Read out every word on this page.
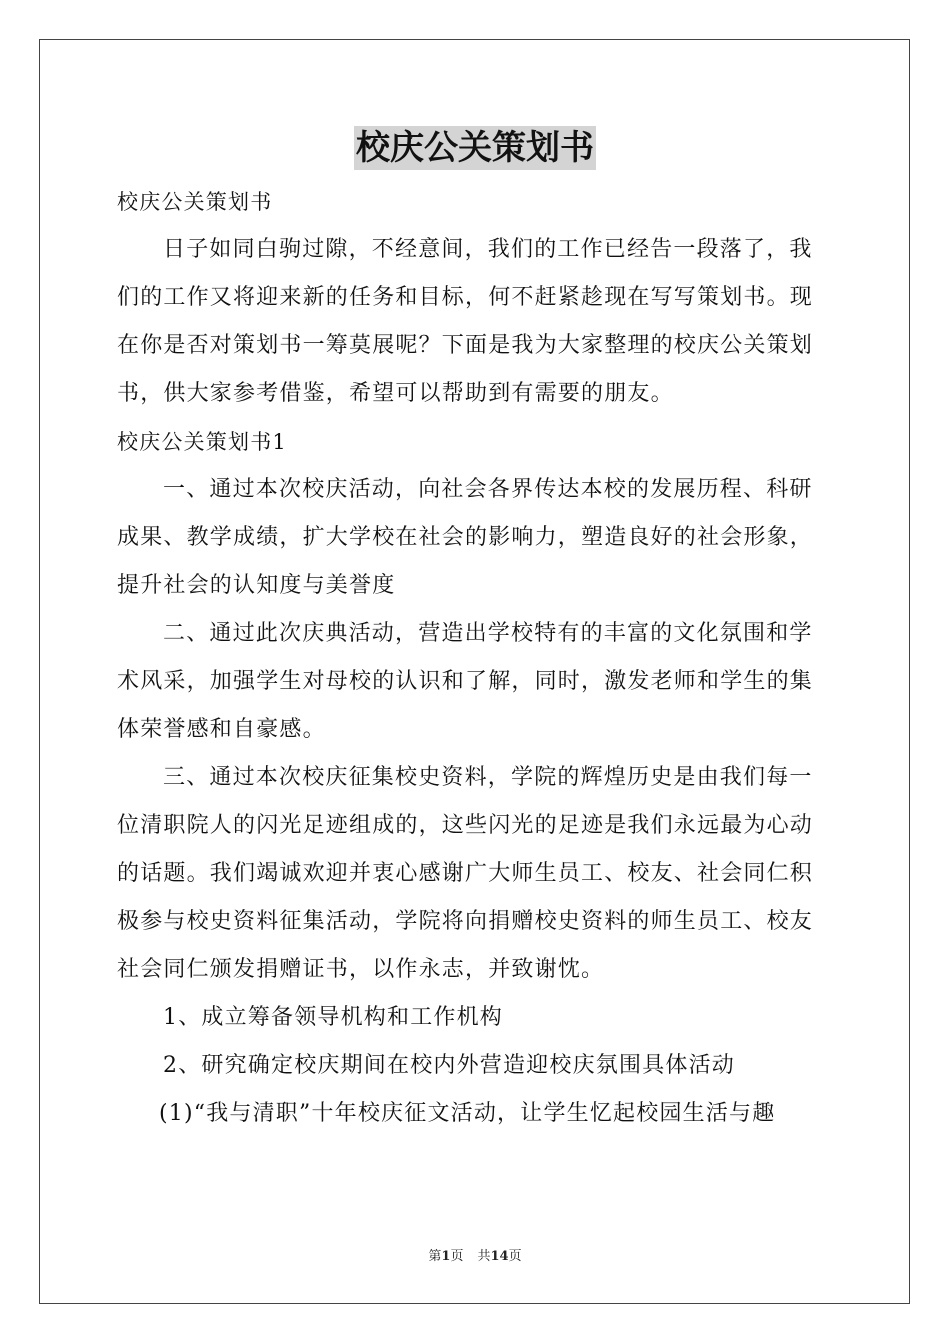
校庆公关策划书
校庆公关策划书
日子如同白驹过隙，不经意间，我们的工作已经告一段落了，我
们的工作又将迎来新的任务和目标，何不赶紧趁现在写写策划书。现
在你是否对策划书一筹莫展呢？下面是我为大家整理的校庆公关策划
书，供大家参考借鉴，希望可以帮助到有需要的朋友。
校庆公关策划书1
一、通过本次校庆活动，向社会各界传达本校的发展历程、科研
成果、教学成绩，扩大学校在社会的影响力，塑造良好的社会形象，
提升社会的认知度与美誉度
二、通过此次庆典活动，营造出学校特有的丰富的文化氛围和学
术风采，加强学生对母校的认识和了解，同时，激发老师和学生的集
体荣誉感和自豪感。
三、通过本次校庆征集校史资料，学院的辉煌历史是由我们每一
位清职院人的闪光足迹组成的，这些闪光的足迹是我们永远最为心动
的话题。我们竭诚欢迎并衷心感谢广大师生员工、校友、社会同仁积
极参与校史资料征集活动，学院将向捐赠校史资料的师生员工、校友
社会同仁颁发捐赠证书，以作永志，并致谢忱。
1、成立筹备领导机构和工作机构
2、研究确定校庆期间在校内外营造迎校庆氛围具体活动
(1)“我与清职”十年校庆征文活动，让学生忆起校园生活与趣
第1页 共14页
